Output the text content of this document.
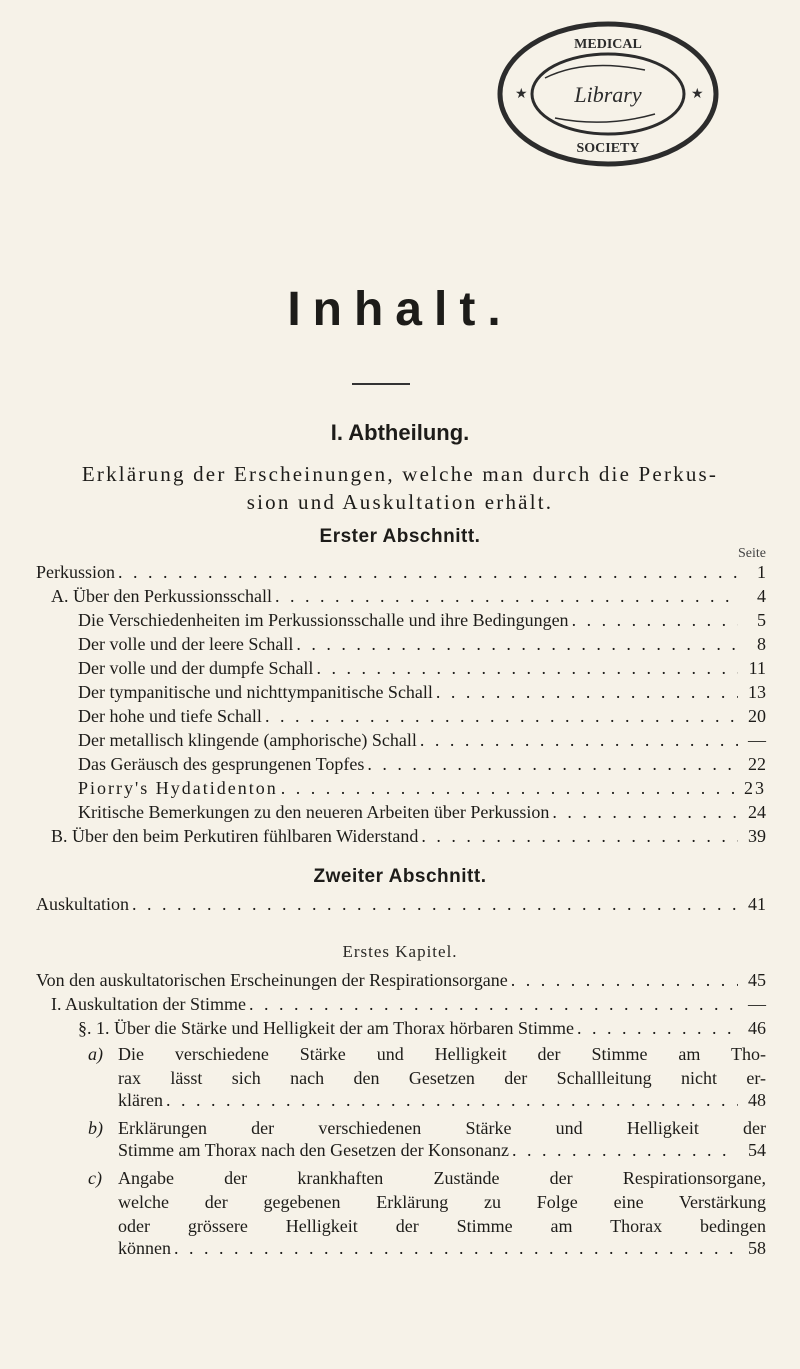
MEDICAL
Library
SOCIETY
★	★
Inhalt.
I. Abtheilung.
Erklärung der Erscheinungen, welche man durch die Perkus-
sion und Auskultation erhält.
Erster Abschnitt.
Seite
Perkussion . . .	1
A. Über den Perkussionsschall . . .	4
Die Verschiedenheiten im Perkussionsschalle und ihre Bedingungen . . .	5
Der volle und der leere Schall . . .	8
Der volle und der dumpfe Schall . . .	11
Der tympanitische und nichttympanitische Schall . . .	13
Der hohe und tiefe Schall . . .	20
Der metallisch klingende (amphorische) Schall . . .	—
Das Geräusch des gesprungenen Topfes . . .	22
Piorry's Hydatidenton . . .	23
Kritische Bemerkungen zu den neueren Arbeiten über Perkussion . . .	24
B. Über den beim Perkutiren fühlbaren Widerstand . . .	39
Zweiter Abschnitt.
Auskultation . . .	41
Erstes Kapitel.
Von den auskultatorischen Erscheinungen der Respirationsorgane . . .	45
I. Auskultation der Stimme . . .	—
§. 1. Über die Stärke und Helligkeit der am Thorax hörbaren Stimme . . .	46
a) Die verschiedene Stärke und Helligkeit der Stimme am Tho-

rax lässt sich nach den Gesetzen der Schallleitung nicht er-

klären . . .	48
b) Erklärungen der verschiedenen Stärke und Helligkeit der

Stimme am Thorax nach den Gesetzen der Konsonanz . . .	54
c) Angabe der krankhaften Zustände der Respirationsorgane,

welche der gegebenen Erklärung zu Folge eine Verstärkung

oder grössere Helligkeit der Stimme am Thorax bedingen

können . . .	58
